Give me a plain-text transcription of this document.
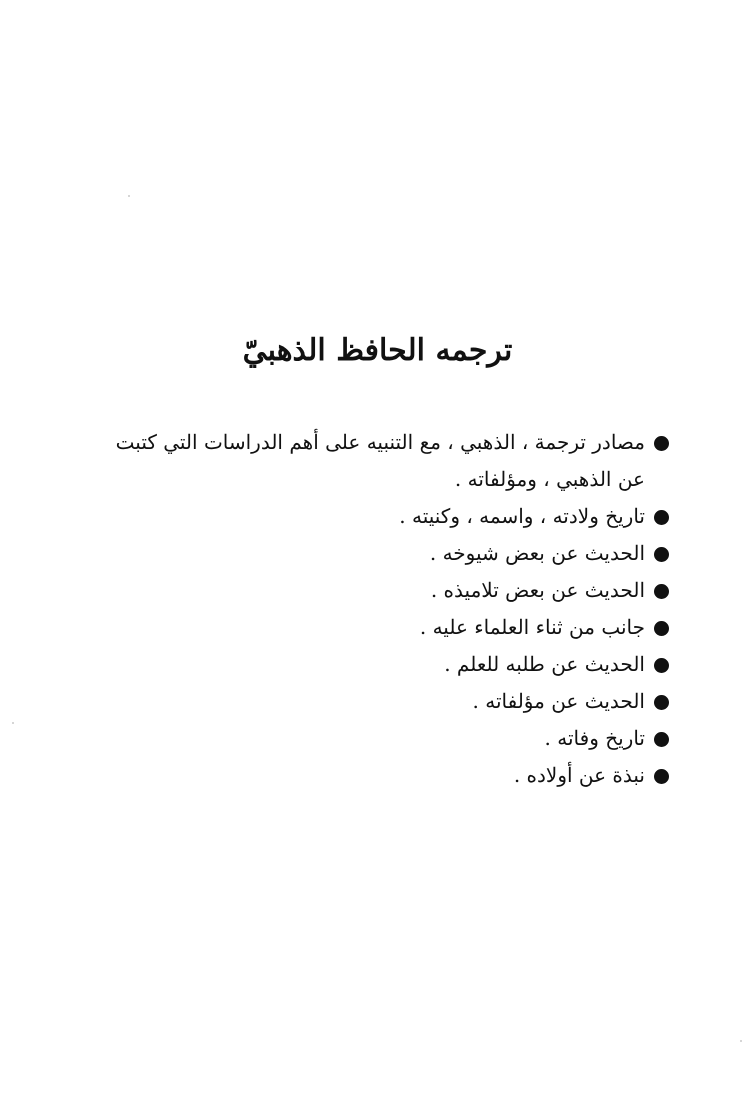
ترجمه الحافظ الذهبيّ
مصادر ترجمة ، الذهبي ، مع التنبيه على أهم الدراسات التي كتبت عن الذهبي ، ومؤلفاته .
تاريخ ولادته ، واسمه ، وكنيته .
الحديث عن بعض شيوخه .
الحديث عن بعض تلاميذه .
جانب من ثناء العلماء عليه .
الحديث عن طلبه للعلم .
الحديث عن مؤلفاته .
تاريخ وفاته .
نبذة عن أولاده .
